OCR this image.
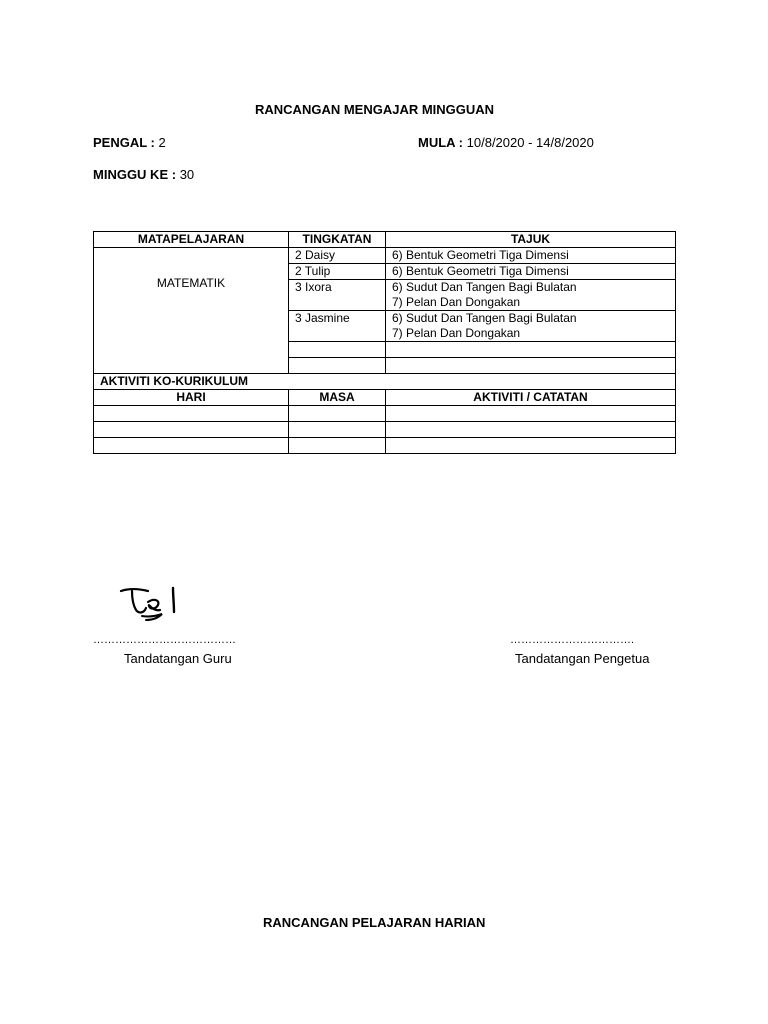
RANCANGAN MENGAJAR MINGGUAN
PENGAL : 2	MULA : 10/8/2020 - 14/8/2020
MINGGU KE : 30
MATAPELAJARAN	TINGKATAN	TAJUK
MATEMATIK	2 Daisy	6) Bentuk Geometri Tiga Dimensi
	2 Tulip	6) Bentuk Geometri Tiga Dimensi
	3 Ixora	6) Sudut Dan Tangen Bagi Bulatan
7) Pelan Dan Dongakan

	3 Jasmine	6) Sudut Dan Tangen Bagi Bulatan
7) Pelan Dan Dongakan

AKTIVITI KO-KURIKULUM		
HARI	MASA	AKTIVITI / CATATAN

…………………………………
Tandatangan Guru
…………………………….
Tandatangan Pengetua
RANCANGAN PELAJARAN HARIAN
